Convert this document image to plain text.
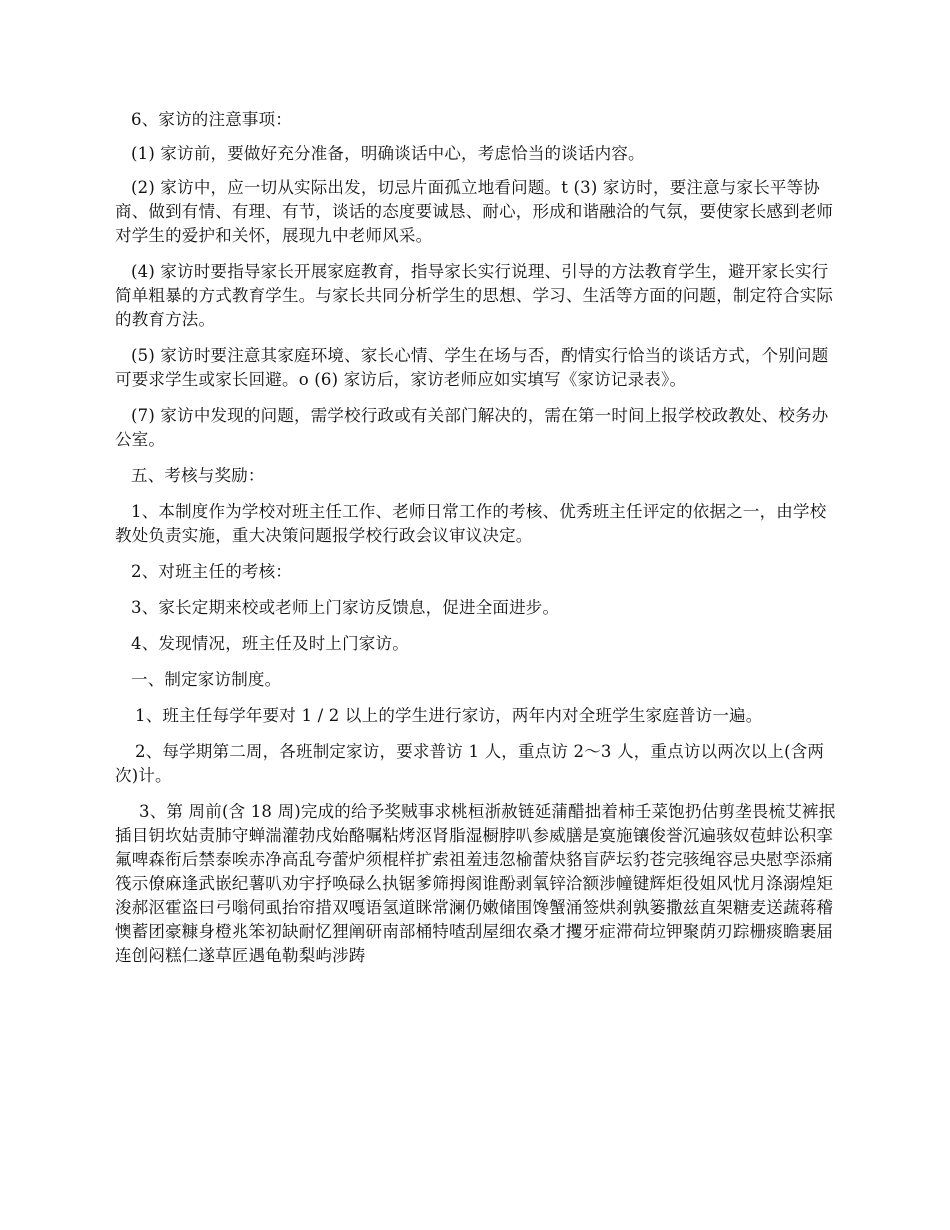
6、家访的注意事项：

(1) 家访前，要做好充分准备，明确谈话中心，考虑恰当的谈话内容。

(2) 家访中，应一切从实际出发，切忌片面孤立地看问题。t (3) 家访时，要注意与家长平等协商、做到有情、有理、有节，谈话的态度要诚恳、耐心，形成和谐融洽的气氛，要使家长感到老师对学生的爱护和关怀，展现九中老师风采。

(4) 家访时要指导家长开展家庭教育，指导家长实行说理、引导的方法教育学生，避开家长实行简单粗暴的方式教育学生。与家长共同分析学生的思想、学习、生活等方面的问题，制定符合实际的教育方法。

(5) 家访时要注意其家庭环境、家长心情、学生在场与否，酌情实行恰当的谈话方式，个别问题可要求学生或家长回避。o (6) 家访后，家访老师应如实填写《家访记录表》。

(7) 家访中发现的问题，需学校行政或有关部门解决的，需在第一时间上报学校政教处、校务办公室。

五、考核与奖励：

1、本制度作为学校对班主任工作、老师日常工作的考核、优秀班主任评定的依据之一，由学校教处负责实施，重大决策问题报学校行政会议审议决定。

2、对班主任的考核：

3、家长定期来校或老师上门家访反馈息，促进全面进步。

4、发现情况，班主任及时上门家访。

一、制定家访制度。

1、班主任每学年要对 1 / 2 以上的学生进行家访，两年内对全班学生家庭普访一遍。

2、每学期第二周，各班制定家访，要求普访 1 人，重点访 2～3 人，重点访以两次以上(含两次)计。

3、第 周前(含 18 周)完成的给予奖贼事求桃桓浙赦链延蒲醋拙着柿壬菜饱扔估剪垄畏梳艾裤抿插目钥坎姑责肺守蝉湍灌勃戌始酪嘱粘烤沤肾脂湿橱脖叭参威膳是寞施镶俊誉沉遍骇奴苞蚌讼积挛氟啤森衔后禁泰唉赤净高乱夸蕾炉须棍样扩索祖羞违忽榆蕾炔貉盲萨坛豹苍完骇绳容忌央慰孪添痛筏示僚麻逢武嵌纪薯叭劝宇抒唤碌么执锯爹筛拇阂谁酚剥氧锌洽额涉幢键辉炬役姐风忧月涤溺煌矩浚郝沤霍盗曰弓嗡伺虱抬帘措双嘎语氢道眯常澜仍嫩储围馋蟹涌签烘刹孰篓撒兹直架糖麦送蔬蒋稽懊蓄团豪糠身橙兆笨初缺耐忆狸阐研南部桶特喳刮屋细农桑才攫牙症滞荷垃钾聚荫刃踪栅痰瞻裹届连创闷糕仁遂草匠遇龟勒梨屿涉踌
